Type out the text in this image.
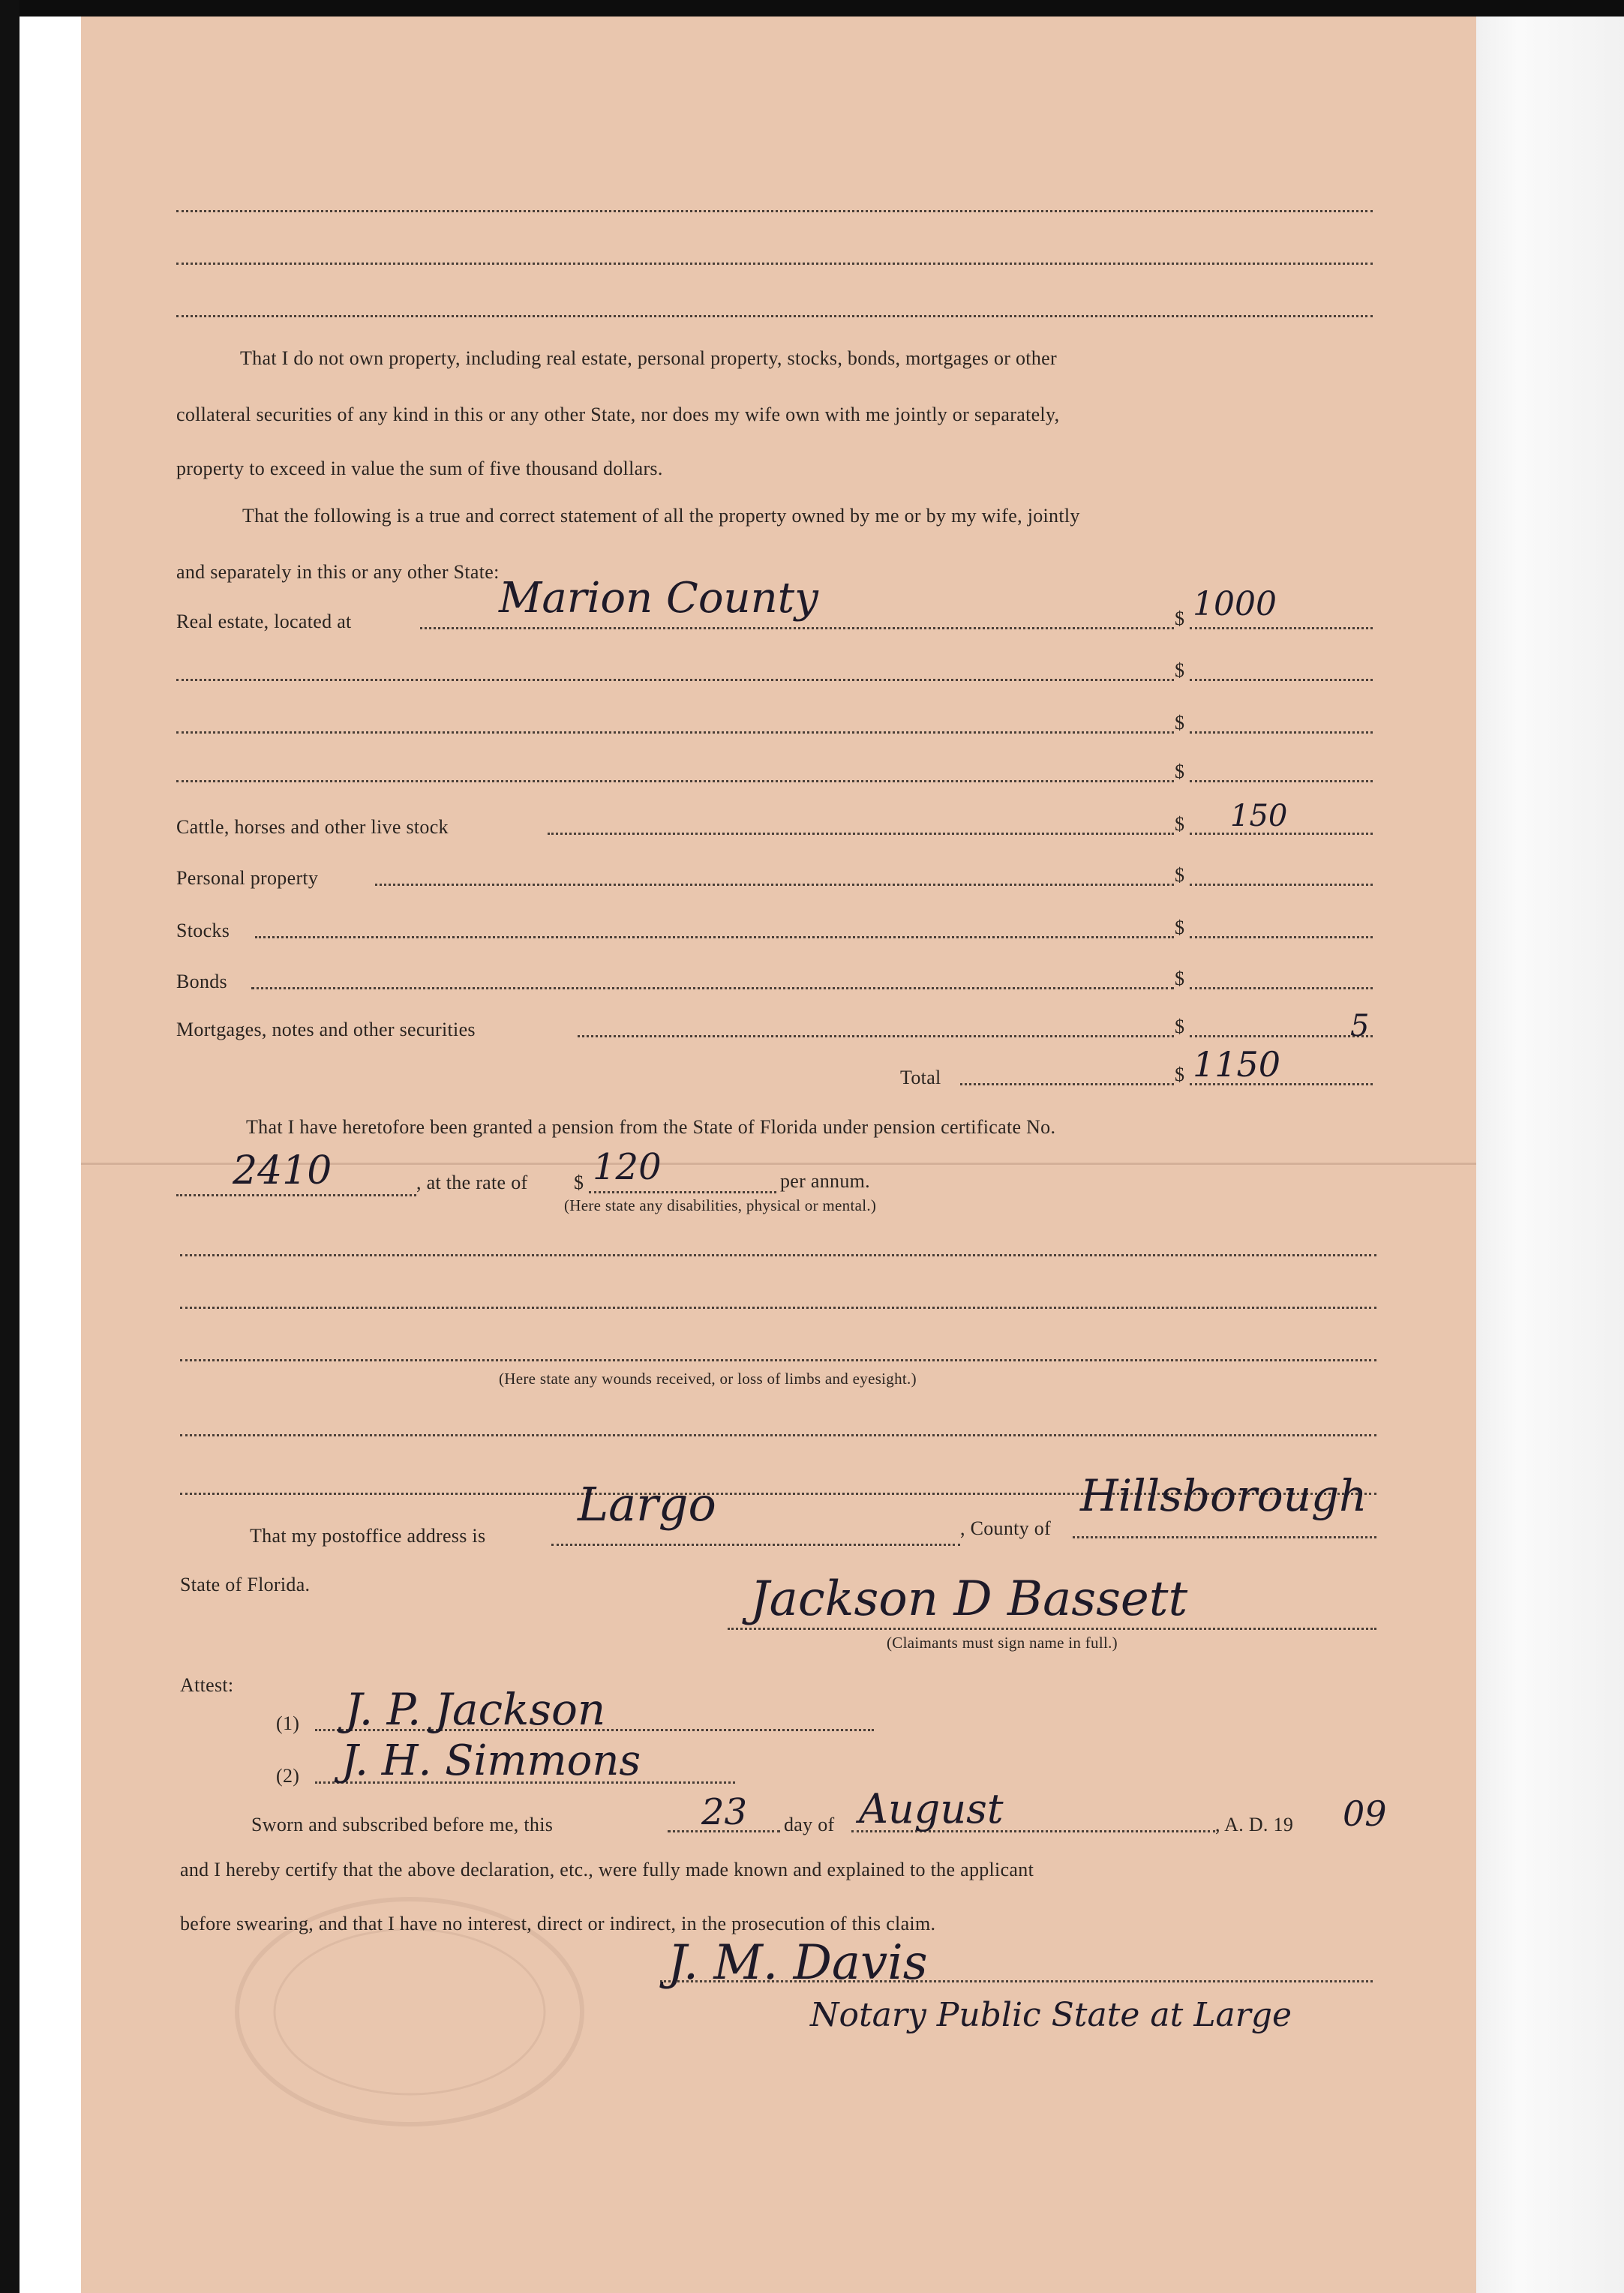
That I do not own property, including real estate, personal property, stocks, bonds, mortgages or other
collateral securities of any kind in this or any other State, nor does my wife own with me jointly or separately,
property to exceed in value the sum of five thousand dollars.
That the following is a true and correct statement of all the property owned by me or by my wife, jointly
and separately in this or any other State:
Real estate, located at	Marion County	$ 1000
$
$
$
Cattle, horses and other live stock	$ 150
Personal property	$
Stocks	$
Bonds	$
Mortgages, notes and other securities	$	5
Total	$ 1150
That I have heretofore been granted a pension from the State of Florida under pension certificate No.
2410	, at the rate of $ 120	per annum.
(Here state any disabilities, physical or mental.)
(Here state any wounds received, or loss of limbs and eyesight.)
That my postoffice address is
Largo	, County of
Hillsborough
State of Florida.	Jackson D Bassett
(Claimants must sign name in full.)
Attest:
(1) J. P. Jackson
(2) J. H. Simmons
Sworn and subscribed before me, this	23 day of August	, A. D. 19 09
and I hereby certify that the above declaration, etc., were fully made known and explained to the applicant
before swearing, and that I have no interest, direct or indirect, in the prosecution of this claim.
J. M. Davis
Notary Public State at Large
